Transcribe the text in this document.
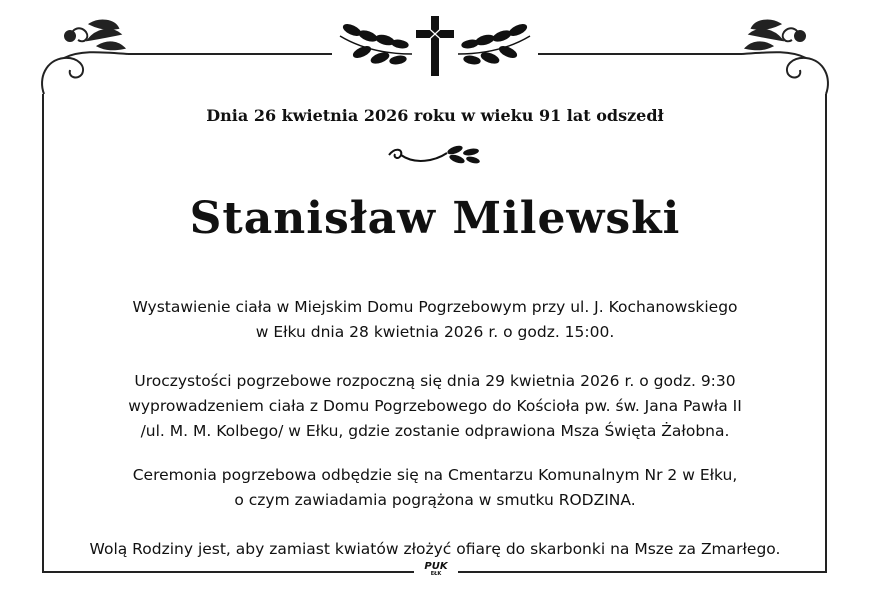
PUK
EŁK
Dnia 26 kwietnia 2026 roku w wieku 91 lat odszedł
Stanisław Milewski

Wystawienie ciała w Miejskim Domu Pogrzebowym przy ul. J. Kochanowskiego
w Ełku dnia 28 kwietnia 2026 r. o godz. 15:00.

Uroczystości pogrzebowe rozpoczną się dnia 29 kwietnia 2026 r. o godz. 9:30
wyprowadzeniem ciała z Domu Pogrzebowego do Kościoła pw. św. Jana Pawła II
/ul. M. M. Kolbego/ w Ełku, gdzie zostanie odprawiona Msza Święta Żałobna.

Ceremonia pogrzebowa odbędzie się na Cmentarzu Komunalnym Nr 2 w Ełku,
o czym zawiadamia pogrążona w smutku RODZINA.

Wolą Rodziny jest, aby zamiast kwiatów złożyć ofiarę do skarbonki na Msze za Zmarłego.
